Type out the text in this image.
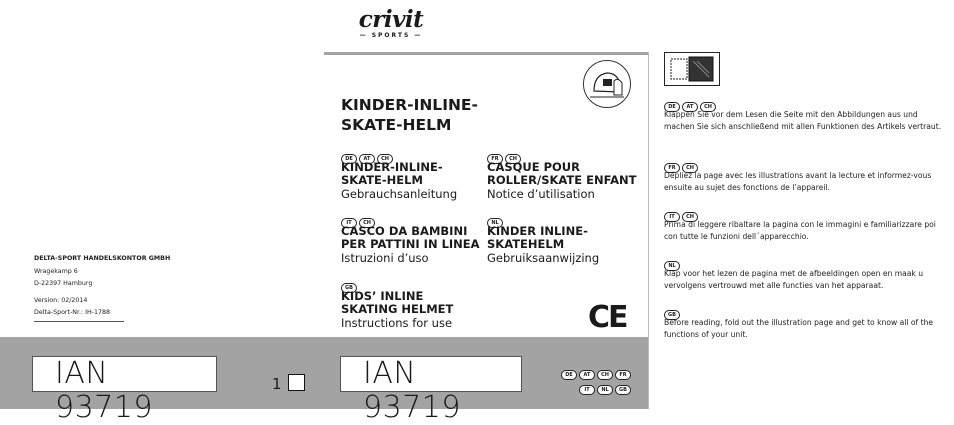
crivit
— SPORTS —
KINDER-INLINE-
SKATE-HELM
DE AT CH
KINDER-INLINE-
SKATE-HELM
Gebrauchsanleitung
FR CH
CASQUE POUR
ROLLER/SKATE ENFANT
Notice d’utilisation
IT CH
CASCO DA BAMBINI
PER PATTINI IN LINEA
Istruzioni d’uso
NL
KINDER INLINE-
SKATEHELM
Gebruiksaanwijzing
GB
KIDS’ INLINE
SKATING HELMET
Instructions for use	CE
DELTA-SPORT HANDELSKONTOR GMBH
Wragekamp 6
D-22397 Hamburg
Version: 02/2014
Delta-Sport-Nr.: IH-1788
IAN 93719
1	IAN 93719
DE AT CH FR
IT NL GB
DE AT CH
Klappen Sie vor dem Lesen die Seite mit den Abbildungen aus und machen Sie sich anschließend mit allen Funktionen des Artikels vertraut.
FR CH
Dépliez la page avec les illustrations avant la lecture et informez-vous ensuite au sujet des fonctions de l’appareil.
IT CH
Prima di leggere ribaltare la pagina con le immagini e familiarizzare poi con tutte le funzioni dell´apparecchio.
NL
Klap voor het lezen de pagina met de afbeeldingen open en maak u vervolgens vertrouwd met alle functies van het apparaat.
GB
Before reading, fold out the illustration page and get to know all of the functions of your unit.
